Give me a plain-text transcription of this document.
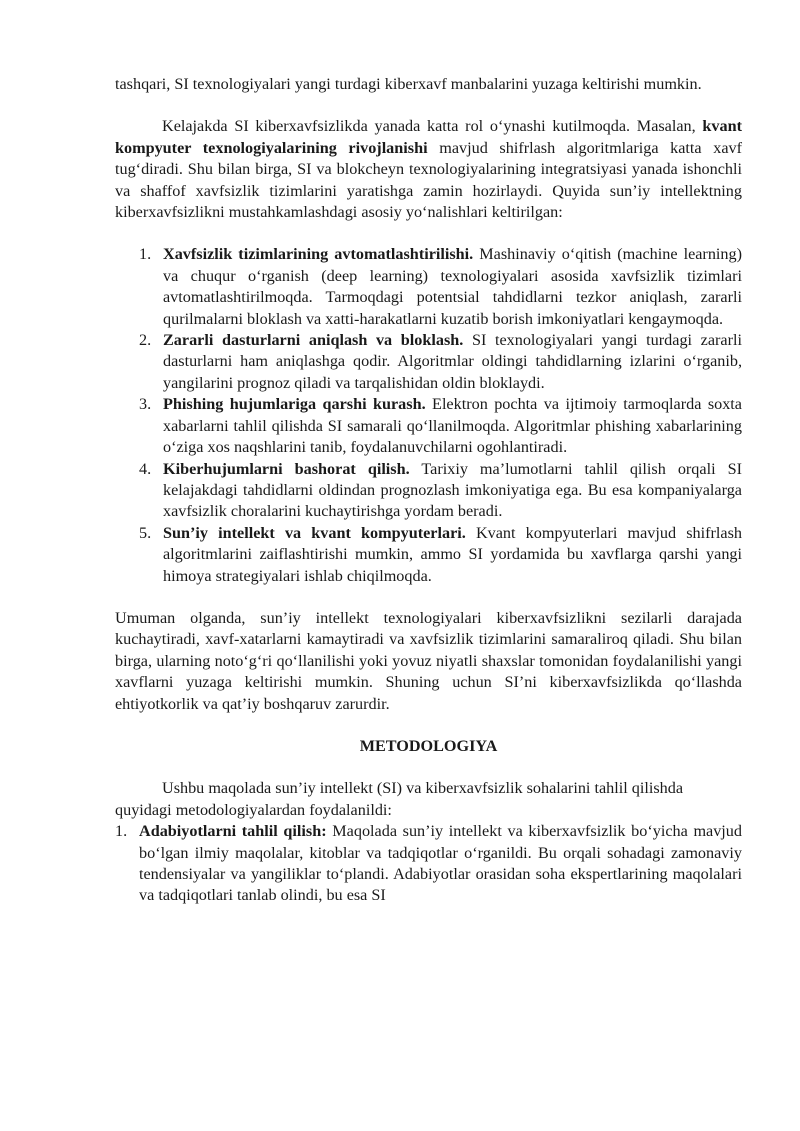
tashqari, SI texnologiyalari yangi turdagi kiberxavf manbalarini yuzaga keltirishi mumkin.

Kelajakda SI kiberxavfsizlikda yanada katta rol oʻynashi kutilmoqda. Masalan, kvant kompyuter texnologiyalarining rivojlanishi mavjud shifrlash algoritmlariga katta xavf tugʻdiradi. Shu bilan birga, SI va blokcheyn texnologiyalarining integratsiyasi yanada ishonchli va shaffof xavfsizlik tizimlarini yaratishga zamin hozirlaydi. Quyida sun’iy intellektning kiberxavfsizlikni mustahkamlashdagi asosiy yoʻnalishlari keltirilgan:

1. Xavfsizlik tizimlarining avtomatlashtirilishi. Mashinaviy oʻqitish (machine learning) va chuqur oʻrganish (deep learning) texnologiyalari asosida xavfsizlik tizimlari avtomatlashtirilmoqda. Tarmoqdagi potentsial tahdidlarni tezkor aniqlash, zararli qurilmalarni bloklash va xatti-harakatlarni kuzatib borish imkoniyatlari kengaymoqda.
2. Zararli dasturlarni aniqlash va bloklash. SI texnologiyalari yangi turdagi zararli dasturlarni ham aniqlashga qodir. Algoritmlar oldingi tahdidlarning izlarini oʻrganib, yangilarini prognoz qiladi va tarqalishidan oldin bloklaydi.
3. Phishing hujumlariga qarshi kurash. Elektron pochta va ijtimoiy tarmoqlarda soxta xabarlarni tahlil qilishda SI samarali qoʻllanilmoqda. Algoritmlar phishing xabarlarining oʻziga xos naqshlarini tanib, foydalanuvchilarni ogohlantiradi.
4. Kiberhujumlarni bashorat qilish. Tarixiy ma’lumotlarni tahlil qilish orqali SI kelajakdagi tahdidlarni oldindan prognozlash imkoniyatiga ega. Bu esa kompaniyalarga xavfsizlik choralarini kuchaytirishga yordam beradi.
5. Sun’iy intellekt va kvant kompyuterlari. Kvant kompyuterlari mavjud shifrlash algoritmlarini zaiflashtirishi mumkin, ammo SI yordamida bu xavflarga qarshi yangi himoya strategiyalari ishlab chiqilmoqda.

Umuman olganda, sun’iy intellekt texnologiyalari kiberxavfsizlikni sezilarli darajada kuchaytiradi, xavf-xatarlarni kamaytiradi va xavfsizlik tizimlarini samaraliroq qiladi. Shu bilan birga, ularning notoʻgʻri qoʻllanilishi yoki yovuz niyatli shaxslar tomonidan foydalanilishi yangi xavflarni yuzaga keltirishi mumkin. Shuning uchun SI’ni kiberxavfsizlikda qoʻllashda ehtiyotkorlik va qat’iy boshqaruv zarurdir.

METODOLOGIYA

Ushbu maqolada sun’iy intellekt (SI) va kiberxavfsizlik sohalarini tahlil qilishda quyidagi metodologiyalardan foydalanildi:

1. Adabiyotlarni tahlil qilish: Maqolada sun’iy intellekt va kiberxavfsizlik boʻyicha mavjud boʻlgan ilmiy maqolalar, kitoblar va tadqiqotlar oʻrganildi. Bu orqali sohadagi zamonaviy tendensiyalar va yangiliklar toʻplandi. Adabiyotlar orasidan soha ekspertlarining maqolalari va tadqiqotlari tanlab olindi, bu esa SI
